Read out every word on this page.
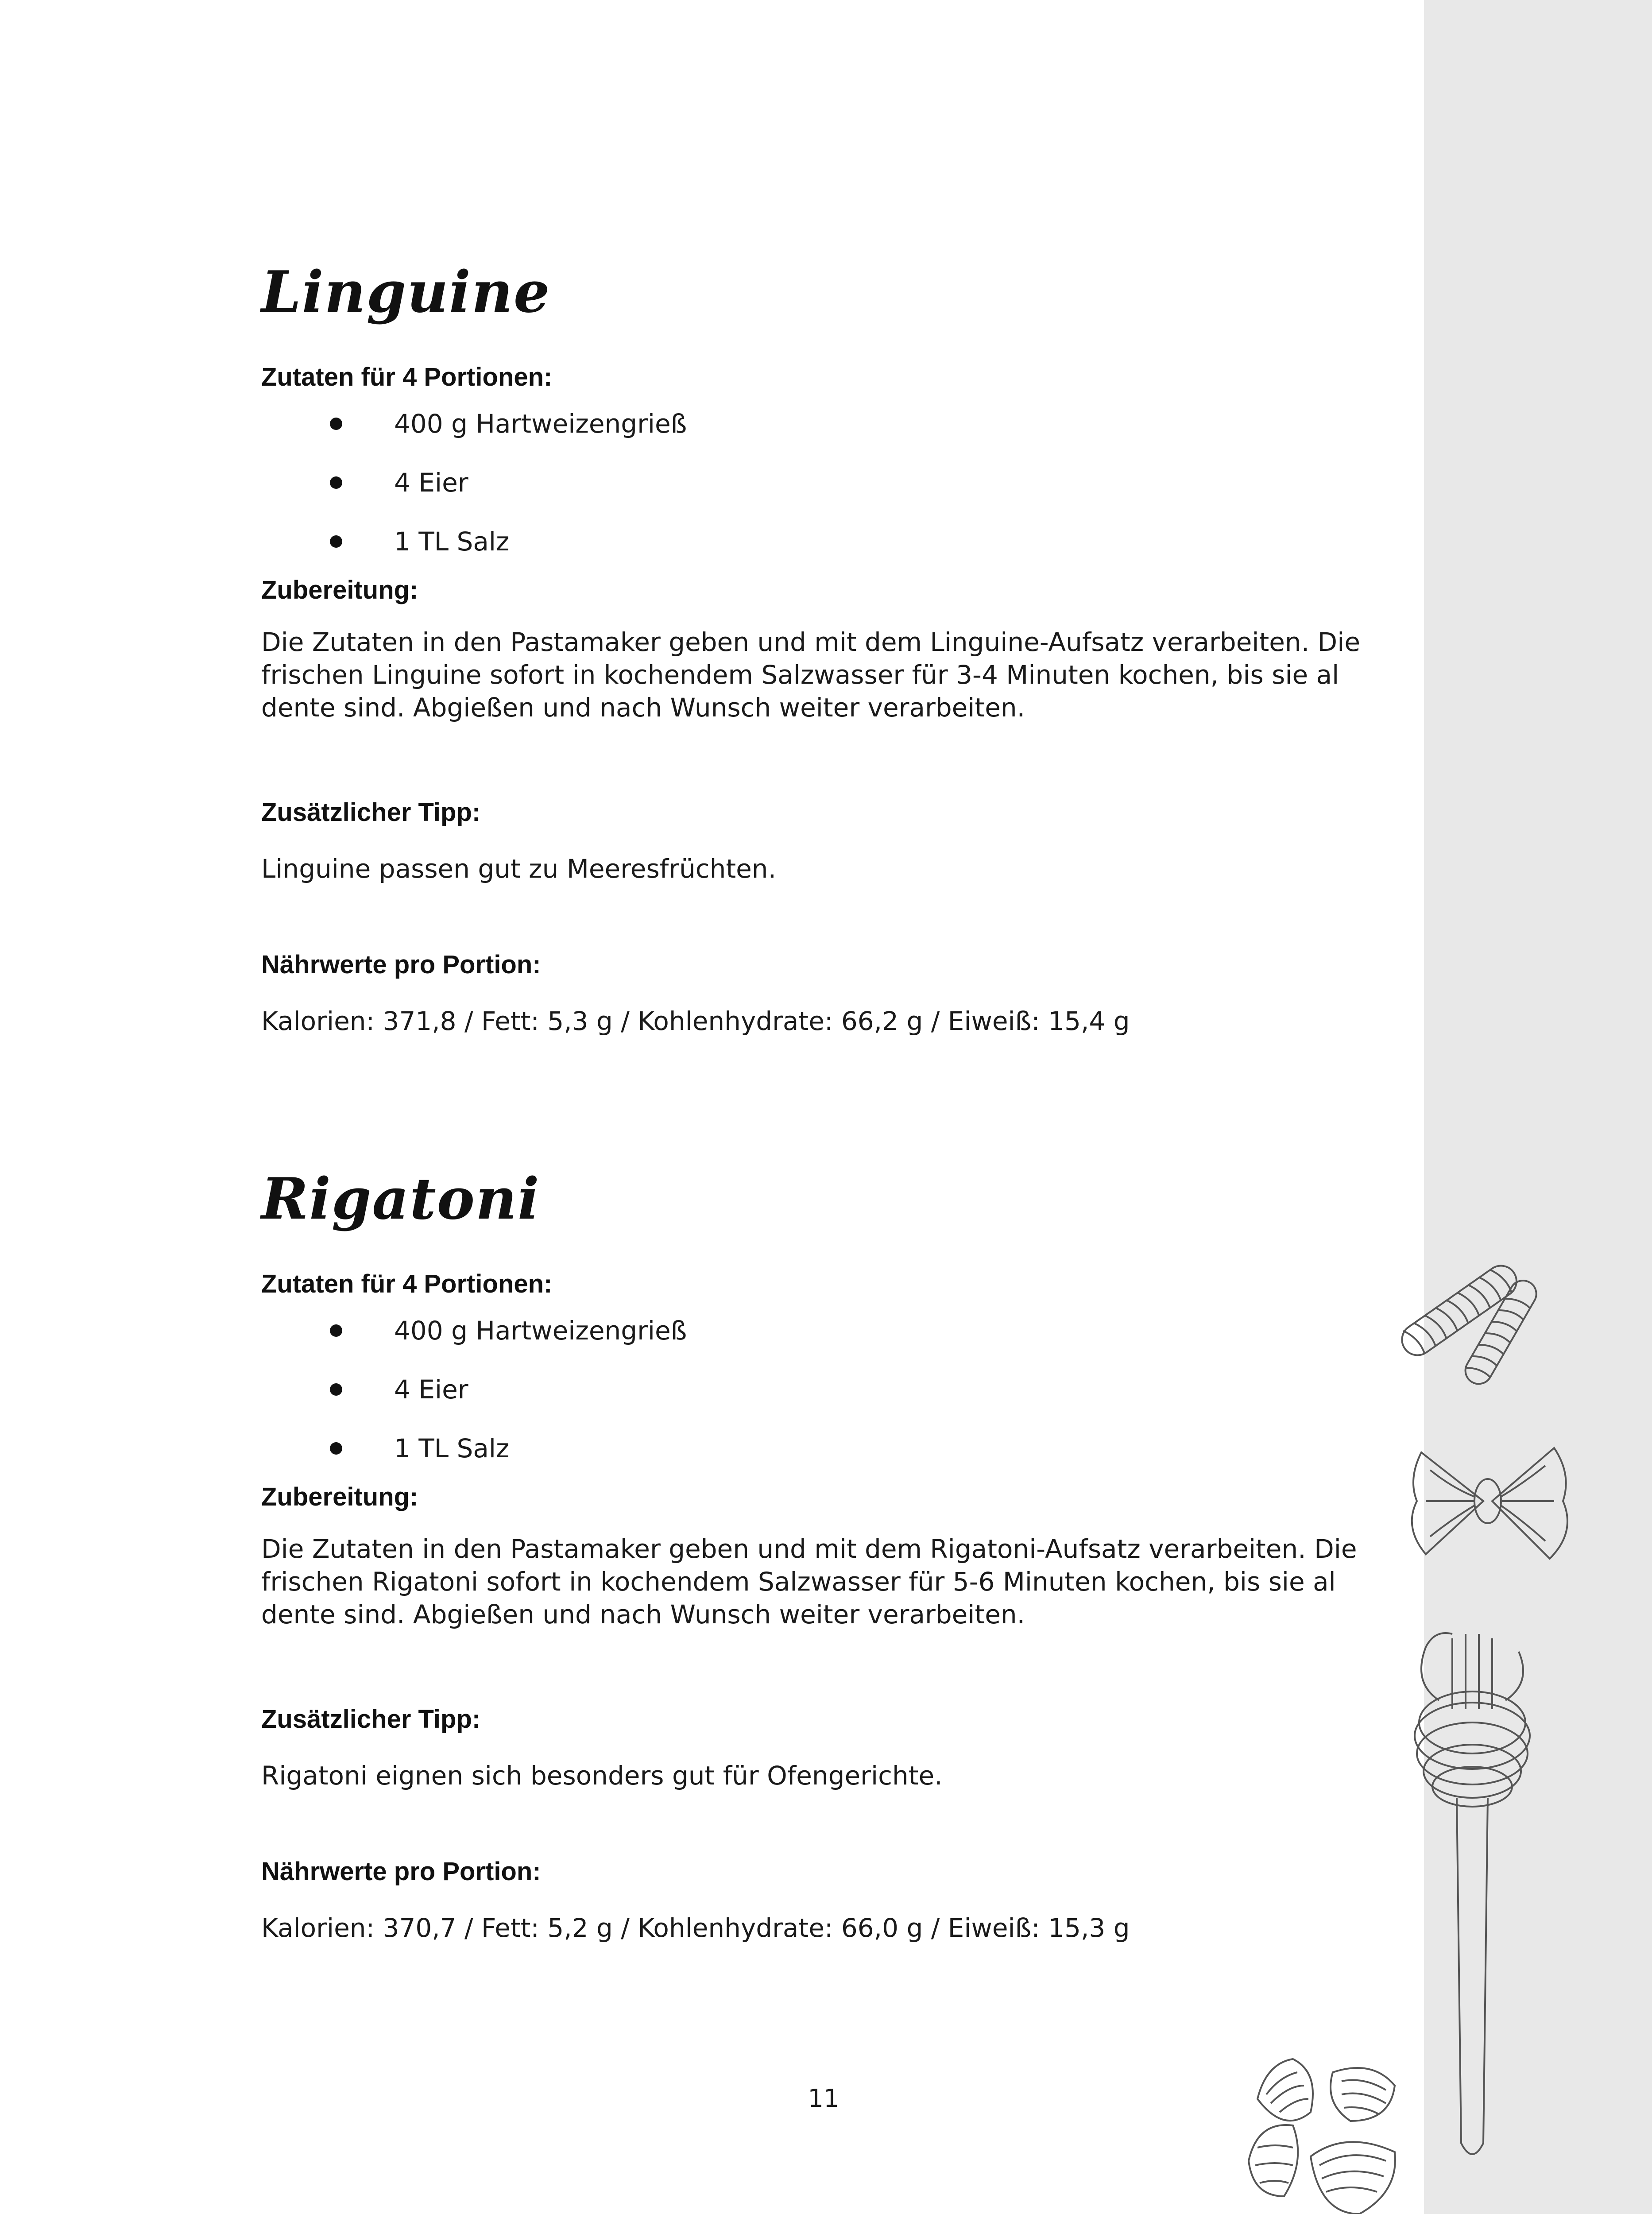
Linguine

Zutaten für 4 Portionen:

400 g Hartweizengrieß
4 Eier
1 TL Salz

Zubereitung:

Die Zutaten in den Pastamaker geben und mit dem Linguine-Aufsatz verarbeiten. Die

frischen Linguine sofort in kochendem Salzwasser für 3-4 Minuten kochen, bis sie al

dente sind. Abgießen und nach Wunsch weiter verarbeiten.

Zusätzlicher Tipp:

Linguine passen gut zu Meeresfrüchten.

Nährwerte pro Portion:

Kalorien: 371,8 / Fett: 5,3 g / Kohlenhydrate: 66,2 g / Eiweiß: 15,4 g

Rigatoni

Zutaten für 4 Portionen:

400 g Hartweizengrieß
4 Eier
1 TL Salz

Zubereitung:

Die Zutaten in den Pastamaker geben und mit dem Rigatoni-Aufsatz verarbeiten. Die

frischen Rigatoni sofort in kochendem Salzwasser für 5-6 Minuten kochen, bis sie al

dente sind. Abgießen und nach Wunsch weiter verarbeiten.

Zusätzlicher Tipp:

Rigatoni eignen sich besonders gut für Ofengerichte.

Nährwerte pro Portion:

Kalorien: 370,7 / Fett: 5,2 g / Kohlenhydrate: 66,0 g / Eiweiß: 15,3 g

11
